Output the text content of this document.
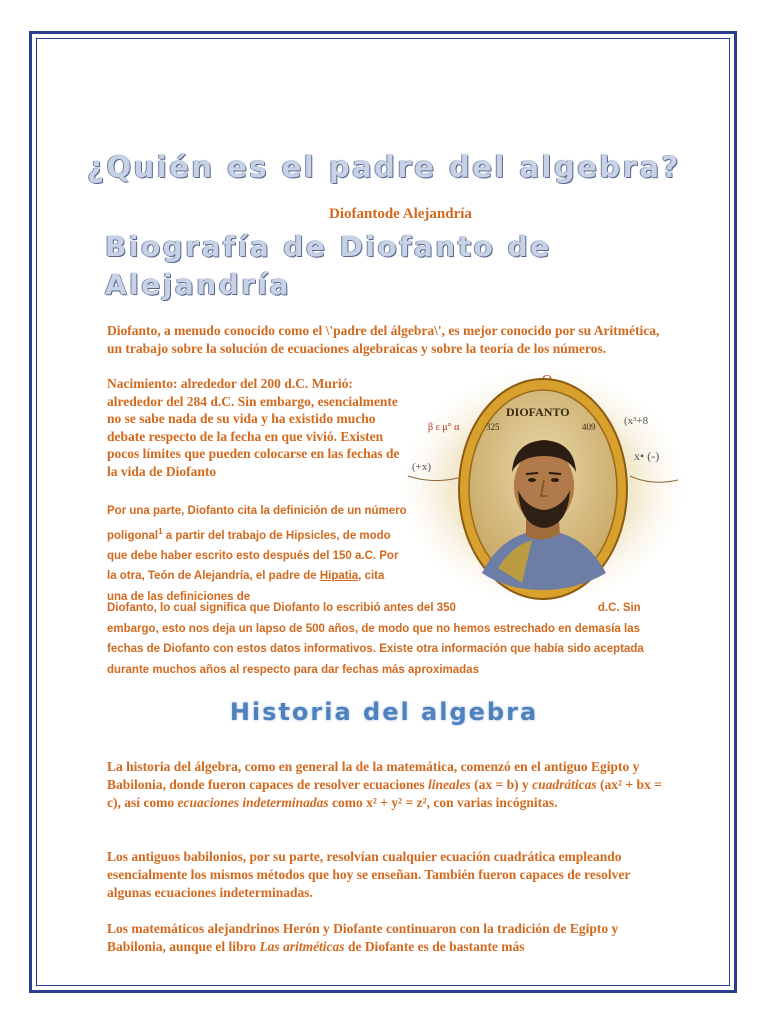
¿Quién es el padre del algebra?
Diofantode Alejandría
Biografía de Diofanto de Alejandría
Diofanto, a menudo conocido como el \'padre del álgebra\', es mejor conocido por su Aritmética, un trabajo sobre la solución de ecuaciones algebraicas y sobre la teoría de los números.
Nacimiento: alrededor del 200 d.C. Murió: alrededor del 284 d.C. Sin embargo, esencialmente no se sabe nada de su vida y ha existido mucho debate respecto de la fecha en que vivió. Existen pocos límites que pueden colocarse en las fechas de la vida de Diofanto
Por una parte, Diofanto cita la definición de un número poligonal$^1$ a partir del trabajo de Hipsicles, de modo que debe haber escrito esto después del 150 a.C. Por la otra, Teón de Alejandría, el padre de Hipatia, cita una de las definiciones de
Diofanto, lo cual significa que Diofanto lo escribió antes del 350	d.C. Sin embargo, esto nos deja un lapso de 500 años, de modo que no hemos estrechado en demasía las fechas de Diofanto con estos datos informativos. Existe otra información que había sido aceptada durante muchos años al respecto para dar fechas más aproximadas
(+x)
β ε μ° α
(x³+8
x• (-)
DIOFANTO
325	409
Historia del algebra
La historia del álgebra, como en general la de la matemática, comenzó en el antiguo Egipto y Babilonia, donde fueron capaces de resolver ecuaciones lineales (ax = b) y cuadráticas (ax² + bx = c), así como ecuaciones indeterminadas como x² + y² = z², con varias incógnitas.
Los antiguos babilonios, por su parte, resolvían cualquier ecuación cuadrática empleando esencialmente los mismos métodos que hoy se enseñan. También fueron capaces de resolver algunas ecuaciones indeterminadas.
Los matemáticos alejandrinos Herón y Diofante continuaron con la tradición de Egipto y Babilonia, aunque el libro Las aritméticas de Diofante es de bastante más
